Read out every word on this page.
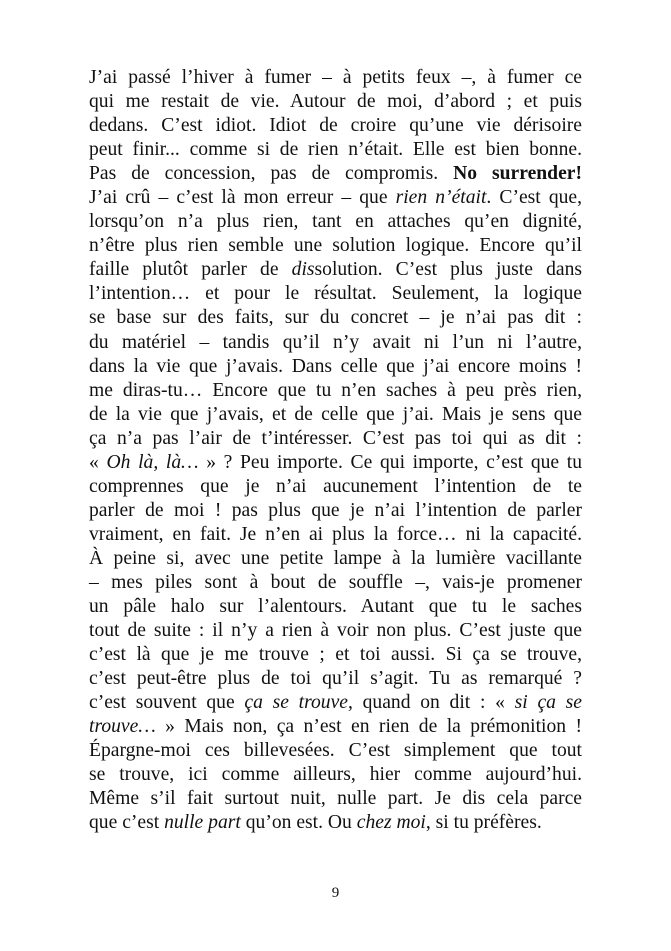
J’ai passé l’hiver à fumer – à petits feux –, à fumer ce
qui me restait de vie. Autour de moi, d’abord ; et puis
dedans. C’est idiot. Idiot de croire qu’une vie dérisoire
peut finir... comme si de rien n’était. Elle est bien bonne.
Pas de concession, pas de compromis. No surrender!
J’ai crû – c’est là mon erreur – que rien n’était. C’est que,
lorsqu’on n’a plus rien, tant en attaches qu’en dignité,
n’être plus rien semble une solution logique. Encore qu’il
faille plutôt parler de dissolution. C’est plus juste dans
l’intention… et pour le résultat. Seulement, la logique
se base sur des faits, sur du concret – je n’ai pas dit :
du matériel – tandis qu’il n’y avait ni l’un ni l’autre,
dans la vie que j’avais. Dans celle que j’ai encore moins !
me diras-tu… Encore que tu n’en saches à peu près rien,
de la vie que j’avais, et de celle que j’ai. Mais je sens que
ça n’a pas l’air de t’intéresser. C’est pas toi qui as dit :
« Oh là, là… » ? Peu importe. Ce qui importe, c’est que tu
comprennes que je n’ai aucunement l’intention de te
parler de moi ! pas plus que je n’ai l’intention de parler
vraiment, en fait. Je n’en ai plus la force… ni la capacité.
À peine si, avec une petite lampe à la lumière vacillante
– mes piles sont à bout de souffle –, vais-je promener
un pâle halo sur l’alentours. Autant que tu le saches
tout de suite : il n’y a rien à voir non plus. C’est juste que
c’est là que je me trouve ; et toi aussi. Si ça se trouve,
c’est peut-être plus de toi qu’il s’agit. Tu as remarqué ?
c’est souvent que ça se trouve, quand on dit : « si ça se
trouve… » Mais non, ça n’est en rien de la prémonition !
Épargne-moi ces billevesées. C’est simplement que tout
se trouve, ici comme ailleurs, hier comme aujourd’hui.
Même s’il fait surtout nuit, nulle part. Je dis cela parce
que c’est nulle part qu’on est. Ou chez moi, si tu préfères.
9
